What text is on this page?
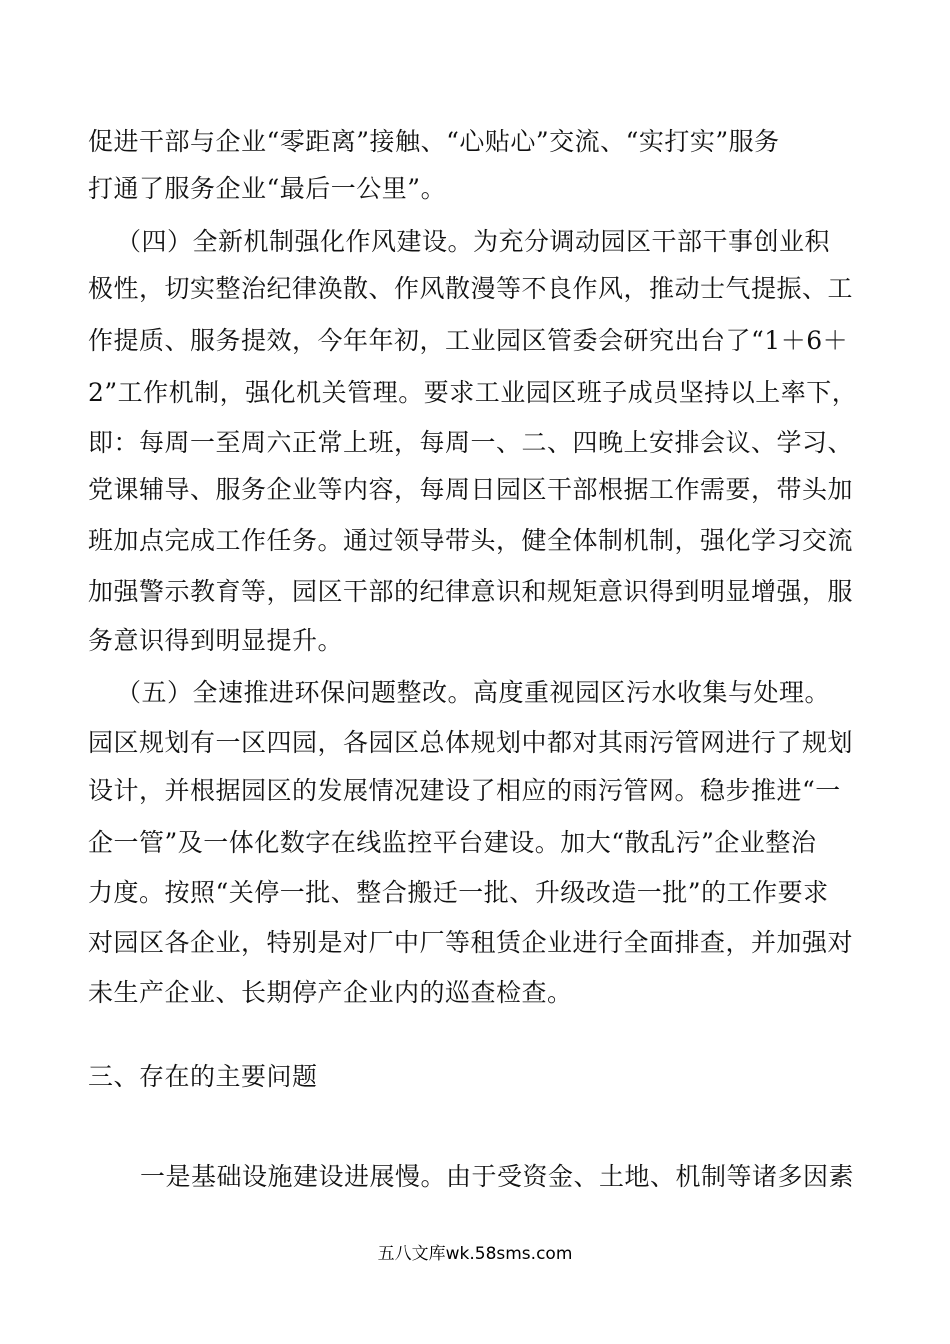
促进干部与企业“零距离”接触、“心贴心”交流、“实打实”服务
打通了服务企业“最后一公里”。
（四）全新机制强化作风建设。为充分调动园区干部干事创业积
极性，切实整治纪律涣散、作风散漫等不良作风，推动士气提振、工
作提质、服务提效，今年年初，工业园区管委会研究出台了“1＋6＋
2”工作机制，强化机关管理。要求工业园区班子成员坚持以上率下，
即：每周一至周六正常上班，每周一、二、四晚上安排会议、学习、
党课辅导、服务企业等内容，每周日园区干部根据工作需要，带头加
班加点完成工作任务。通过领导带头，健全体制机制，强化学习交流
加强警示教育等，园区干部的纪律意识和规矩意识得到明显增强，服
务意识得到明显提升。
（五）全速推进环保问题整改。高度重视园区污水收集与处理。
园区规划有一区四园，各园区总体规划中都对其雨污管网进行了规划
设计，并根据园区的发展情况建设了相应的雨污管网。稳步推进“一
企一管”及一体化数字在线监控平台建设。加大“散乱污”企业整治
力度。按照“关停一批、整合搬迁一批、升级改造一批”的工作要求
对园区各企业，特别是对厂中厂等租赁企业进行全面排查，并加强对
未生产企业、长期停产企业内的巡查检查。
三、存在的主要问题
一是基础设施建设进展慢。由于受资金、土地、机制等诸多因素
五八文库wk.58sms.com
